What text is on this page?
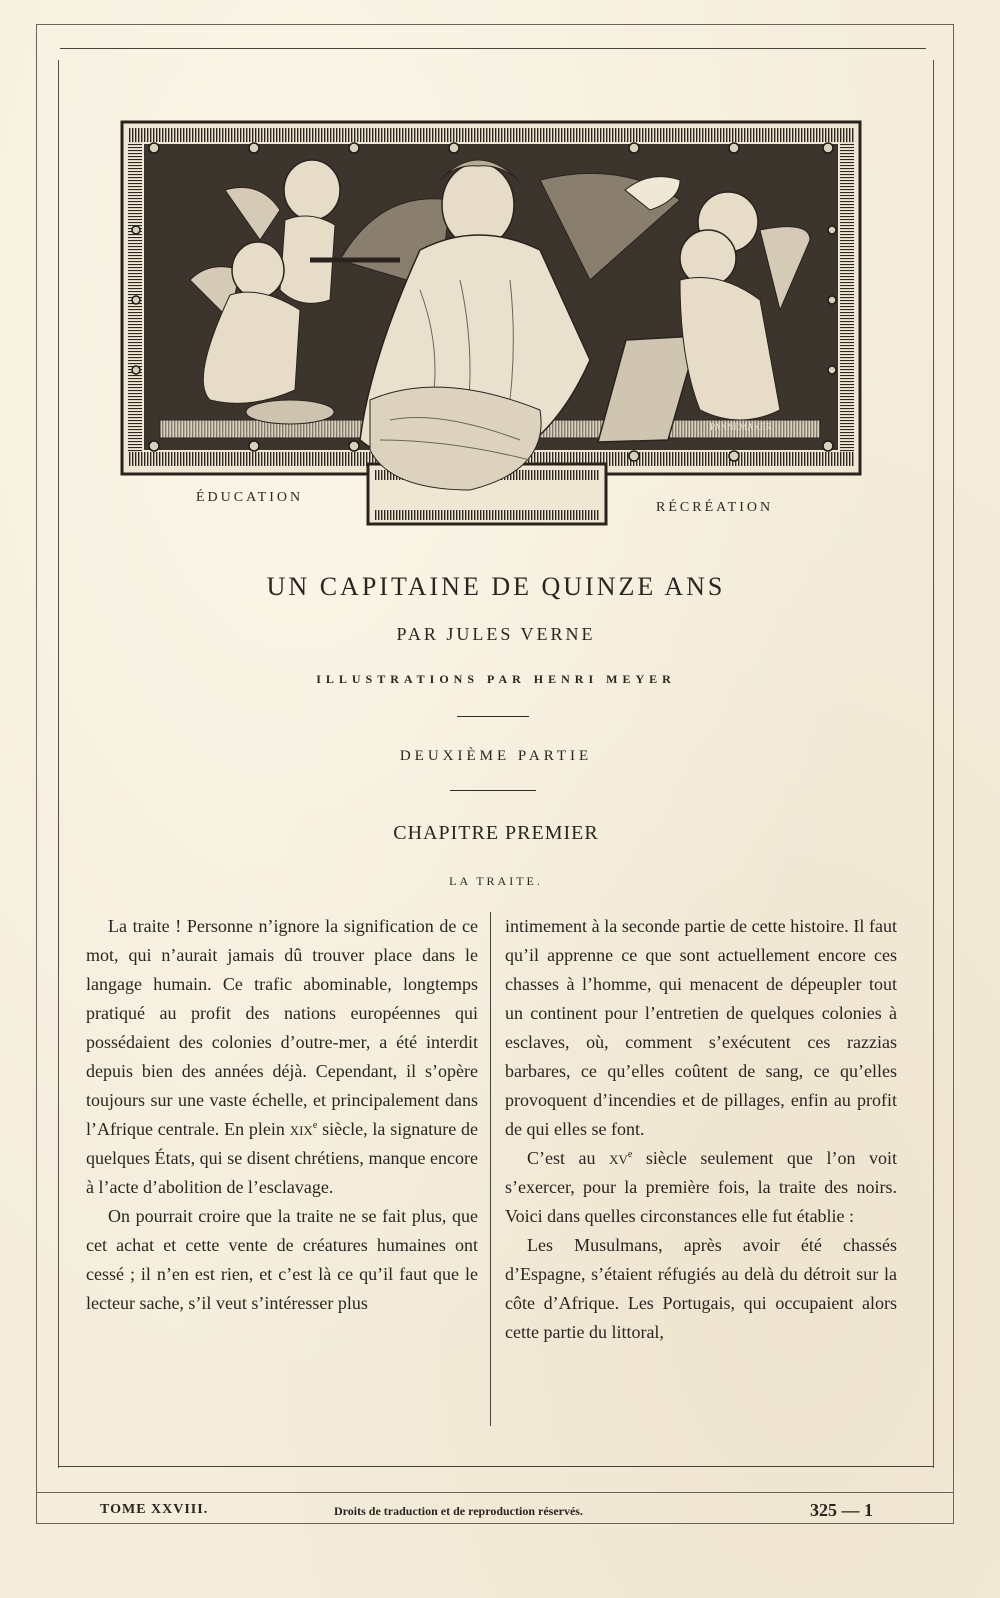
PANNEMAKER
ÉDUCATION
RÉCRÉATION
UN CAPITAINE DE QUINZE ANS
PAR JULES VERNE
ILLUSTRATIONS PAR HENRI MEYER
DEUXIÈME PARTIE
CHAPITRE PREMIER
LA TRAITE.

La traite ! Personne n’ignore la signification de ce mot, qui n’aurait jamais dû trouver place dans le langage humain. Ce trafic abominable, longtemps pratiqué au profit des nations européennes qui possédaient des colonies d’outre-mer, a été interdit depuis bien des années déjà. Cependant, il s’opère toujours sur une vaste échelle, et principalement dans l’Afrique centrale. En plein xix$^e$ siècle, la signature de quelques États, qui se disent chrétiens, manque encore à l’acte d’abolition de l’esclavage.

On pourrait croire que la traite ne se fait plus, que cet achat et cette vente de créatures humaines ont cessé ; il n’en est rien, et c’est là ce qu’il faut que le lecteur sache, s’il veut s’intéresser plus

intimement à la seconde partie de cette histoire. Il faut qu’il apprenne ce que sont actuellement encore ces chasses à l’homme, qui menacent de dépeupler tout un continent pour l’entretien de quelques colonies à esclaves, où, comment s’exécutent ces razzias barbares, ce qu’elles coûtent de sang, ce qu’elles provoquent d’incendies et de pillages, enfin au profit de qui elles se font.

C’est au $xv^e$ siècle seulement que l’on voit s’exercer, pour la première fois, la traite des noirs. Voici dans quelles circonstances elle fut établie :

Les Musulmans, après avoir été chassés d’Espagne, s’étaient réfugiés au delà du détroit sur la côte d’Afrique. Les Portugais, qui occupaient alors cette partie du littoral,

TOME XXVIII.	Droits de traduction et de reproduction réservés.	325 — 1
